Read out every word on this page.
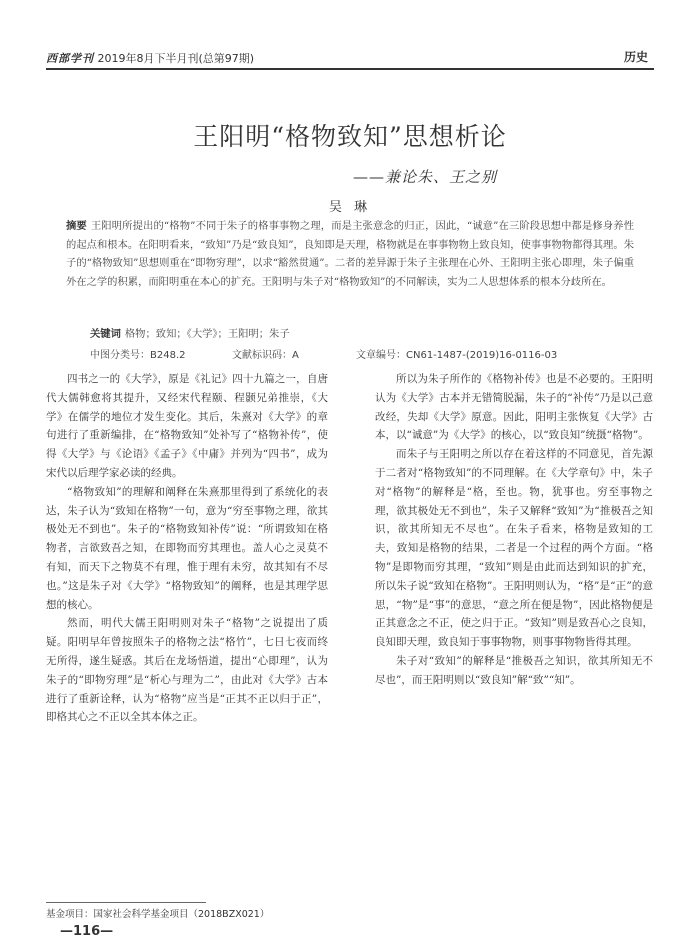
西部学刊 2019年8月下半月刊(总第97期)	历史
王阳明“格物致知”思想析论
——兼论朱、王之别
吴 琳
摘要 王阳明所提出的“格物”不同于朱子的格事事物之理，而是主张意念的归正，因此，“诚意”在三阶段思想中都是修身养性的起点和根本。在阳明看来，“致知”乃是“致良知”，良知即是天理，格物就是在事事物物上致良知，使事事物物都得其理。朱子的“格物致知”思想则重在“即物穷理”，以求“豁然贯通”。二者的差异源于朱子主张理在心外、王阳明主张心即理，朱子偏重外在之学的积累，而阳明重在本心的扩充。王阳明与朱子对“格物致知”的不同解读，实为二人思想体系的根本分歧所在。
关键词 格物；致知；《大学》；王阳明；朱子
中图分类号：B248.2	文献标识码：A	文章编号：CN61-1487-(2019)16-0116-03

四书之一的《大学》，原是《礼记》四十九篇之一，自唐代大儒韩愈将其提升，又经宋代程颐、程颢兄弟推崇，《大学》在儒学的地位才发生变化。其后，朱熹对《大学》的章句进行了重新编排，在“格物致知”处补写了“格物补传”，使得《大学》与《论语》《孟子》《中庸》并列为“四书”，成为宋代以后理学家必读的经典。

“格物致知”的理解和阐释在朱熹那里得到了系统化的表达，朱子认为“致知在格物”一句，意为“穷至事物之理，欲其极处无不到也”。朱子的“格物致知补传”说：“所谓致知在格物者，言欲致吾之知，在即物而穷其理也。盖人心之灵莫不有知，而天下之物莫不有理，惟于理有未穷，故其知有不尽也。”这是朱子对《大学》“格物致知”的阐释，也是其理学思想的核心。

然而，明代大儒王阳明则对朱子“格物”之说提出了质疑。阳明早年曾按照朱子的格物之法“格竹”，七日七夜而终无所得，遂生疑惑。其后在龙场悟道，提出“心即理”，认为朱子的“即物穷理”是“析心与理为二”，由此对《大学》古本进行了重新诠释，认为“格物”应当是“正其不正以归于正”，即格其心之不正以全其本体之正。

所以为朱子所作的《格物补传》也是不必要的。王阳明认为《大学》古本并无错简脱漏，朱子的“补传”乃是以己意改经，失却《大学》原意。因此，阳明主张恢复《大学》古本，以“诚意”为《大学》的核心，以“致良知”统摄“格物”。

而朱子与王阳明之所以存在着这样的不同意见，首先源于二者对“格物致知”的不同理解。在《大学章句》中，朱子对“格物”的解释是“格，至也。物，犹事也。穷至事物之理，欲其极处无不到也”，朱子又解释“致知”为“推极吾之知识，欲其所知无不尽也”。在朱子看来，格物是致知的工夫，致知是格物的结果，二者是一个过程的两个方面。“格物”是即物而穷其理，“致知”则是由此而达到知识的扩充，所以朱子说“致知在格物”。王阳明则认为，“格”是“正”的意思，“物”是“事”的意思，“意之所在便是物”，因此格物便是正其意念之不正，使之归于正。“致知”则是致吾心之良知，良知即天理，致良知于事事物物，则事事物物皆得其理。

朱子对“致知”的解释是“推极吾之知识，欲其所知无不尽也”，而王阳明则以“致良知”解“致”“知”。

基金项目：国家社会科学基金项目（2018BZX021）
—116—
